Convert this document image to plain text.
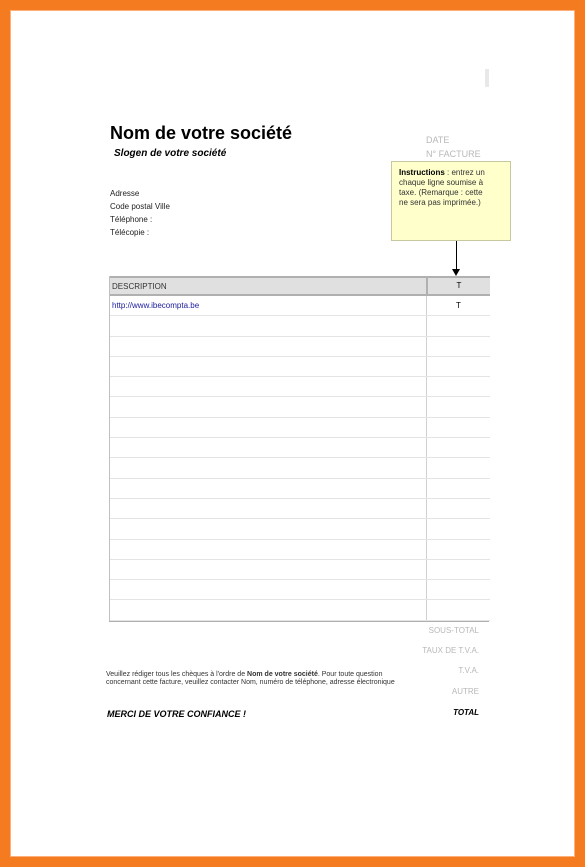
Nom de votre société
Slogen de votre société
Adresse
Code postal Ville
Téléphone :
Télécopie :
DATE
N° FACTURE
Instructions : entrez un
chaque ligne soumise à
taxe. (Remarque : cette
ne sera pas imprimée.)
DESCRIPTION	T
http://www.ibecompta.be	T
SOUS-TOTAL
TAUX DE T.V.A.
T.V.A.
AUTRE
TOTAL
Veuillez rédiger tous les chèques à l'ordre de Nom de votre société. Pour toute question concernant cette facture, veuillez contacter Nom, numéro de téléphone, adresse électronique
MERCI DE VOTRE CONFIANCE !
